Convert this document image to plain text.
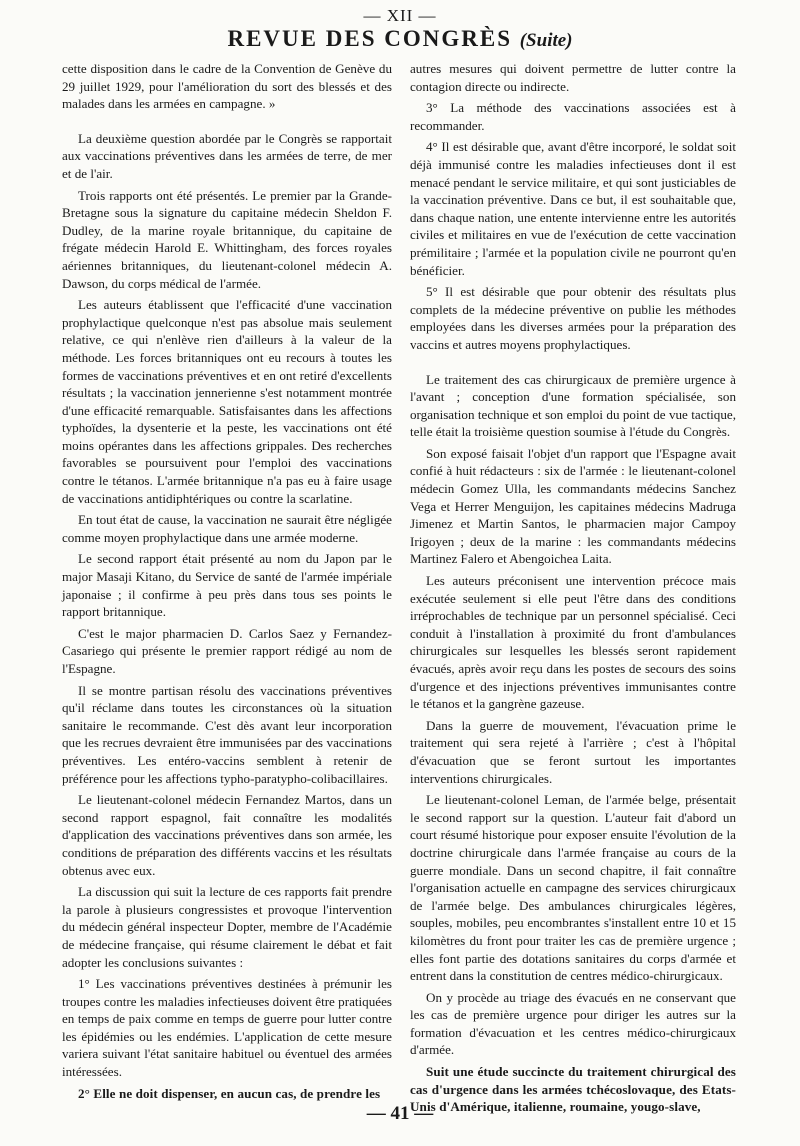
— XII —
REVUE DES CONGRÈS (Suite)

cette disposition dans le cadre de la Convention de Genève du 29 juillet 1929, pour l'amélioration du sort des blessés et des malades dans les armées en campagne. »

La deuxième question abordée par le Congrès se rapportait aux vaccinations préventives dans les armées de terre, de mer et de l'air.

Trois rapports ont été présentés. Le premier par la Grande-Bretagne sous la signature du capitaine médecin Sheldon F. Dudley, de la marine royale britannique, du capitaine de frégate médecin Harold E. Whittingham, des forces royales aériennes britanniques, du lieutenant-colonel médecin A. Dawson, du corps médical de l'armée.

Les auteurs établissent que l'efficacité d'une vaccination prophylactique quelconque n'est pas absolue mais seulement relative, ce qui n'enlève rien d'ailleurs à la valeur de la méthode. Les forces britanniques ont eu recours à toutes les formes de vaccinations préventives et en ont retiré d'excellents résultats ; la vaccination jennerienne s'est notamment montrée d'une efficacité remarquable. Satisfaisantes dans les affections typhoïdes, la dysenterie et la peste, les vaccinations ont été moins opérantes dans les affections grippales. Des recherches favorables se poursuivent pour l'emploi des vaccinations contre le tétanos. L'armée britannique n'a pas eu à faire usage de vaccinations antidiphtériques ou contre la scarlatine.

En tout état de cause, la vaccination ne saurait être négligée comme moyen prophylactique dans une armée moderne.

Le second rapport était présenté au nom du Japon par le major Masaji Kitano, du Service de santé de l'armée impériale japonaise ; il confirme à peu près dans tous ses points le rapport britannique.

C'est le major pharmacien D. Carlos Saez y Fernandez-Casariego qui présente le premier rapport rédigé au nom de l'Espagne.

Il se montre partisan résolu des vaccinations préventives qu'il réclame dans toutes les circonstances où la situation sanitaire le recommande. C'est dès avant leur incorporation que les recrues devraient être immunisées par des vaccinations préventives. Les entéro-vaccins semblent à retenir de préférence pour les affections typho-paratypho-colibacillaires.

Le lieutenant-colonel médecin Fernandez Martos, dans un second rapport espagnol, fait connaître les modalités d'application des vaccinations préventives dans son armée, les conditions de préparation des différents vaccins et les résultats obtenus avec eux.

La discussion qui suit la lecture de ces rapports fait prendre la parole à plusieurs congressistes et provoque l'intervention du médecin général inspecteur Dopter, membre de l'Académie de médecine française, qui résume clairement le débat et fait adopter les conclusions suivantes :

1° Les vaccinations préventives destinées à prémunir les troupes contre les maladies infectieuses doivent être pratiquées en temps de paix comme en temps de guerre pour lutter contre les épidémies ou les endémies. L'application de cette mesure variera suivant l'état sanitaire habituel ou éventuel des armées intéressées.

2° Elle ne doit dispenser, en aucun cas, de prendre les

autres mesures qui doivent permettre de lutter contre la contagion directe ou indirecte.

3° La méthode des vaccinations associées est à recommander.

4° Il est désirable que, avant d'être incorporé, le soldat soit déjà immunisé contre les maladies infectieuses dont il est menacé pendant le service militaire, et qui sont justiciables de la vaccination préventive. Dans ce but, il est souhaitable que, dans chaque nation, une entente intervienne entre les autorités civiles et militaires en vue de l'exécution de cette vaccination prémilitaire ; l'armée et la population civile ne pourront qu'en bénéficier.

5° Il est désirable que pour obtenir des résultats plus complets de la médecine préventive on publie les méthodes employées dans les diverses armées pour la préparation des vaccins et autres moyens prophylactiques.

Le traitement des cas chirurgicaux de première urgence à l'avant ; conception d'une formation spécialisée, son organisation technique et son emploi du point de vue tactique, telle était la troisième question soumise à l'étude du Congrès.

Son exposé faisait l'objet d'un rapport que l'Espagne avait confié à huit rédacteurs : six de l'armée : le lieutenant-colonel médecin Gomez Ulla, les commandants médecins Sanchez Vega et Herrer Menguijon, les capitaines médecins Madruga Jimenez et Martin Santos, le pharmacien major Campoy Irigoyen ; deux de la marine : les commandants médecins Martinez Falero et Abengoichea Laita.

Les auteurs préconisent une intervention précoce mais exécutée seulement si elle peut l'être dans des conditions irréprochables de technique par un personnel spécialisé. Ceci conduit à l'installation à proximité du front d'ambulances chirurgicales sur lesquelles les blessés seront rapidement évacués, après avoir reçu dans les postes de secours des soins d'urgence et des injections préventives immunisantes contre le tétanos et la gangrène gazeuse.

Dans la guerre de mouvement, l'évacuation prime le traitement qui sera rejeté à l'arrière ; c'est à l'hôpital d'évacuation que se feront surtout les importantes interventions chirurgicales.

Le lieutenant-colonel Leman, de l'armée belge, présentait le second rapport sur la question. L'auteur fait d'abord un court résumé historique pour exposer ensuite l'évolution de la doctrine chirurgicale dans l'armée française au cours de la guerre mondiale. Dans un second chapitre, il fait connaître l'organisation actuelle en campagne des services chirurgicaux de l'armée belge. Des ambulances chirurgicales légères, souples, mobiles, peu encombrantes s'installent entre 10 et 15 kilomètres du front pour traiter les cas de première urgence ; elles font partie des dotations sanitaires du corps d'armée et entrent dans la constitution de centres médico-chirurgicaux.

On y procède au triage des évacués en ne conservant que les cas de première urgence pour diriger les autres sur la formation d'évacuation et les centres médico-chirurgicaux d'armée.

Suit une étude succincte du traitement chirurgical des cas d'urgence dans les armées tchécoslovaque, des Etats-Unis d'Amérique, italienne, roumaine, yougo-slave,

— 41 —
